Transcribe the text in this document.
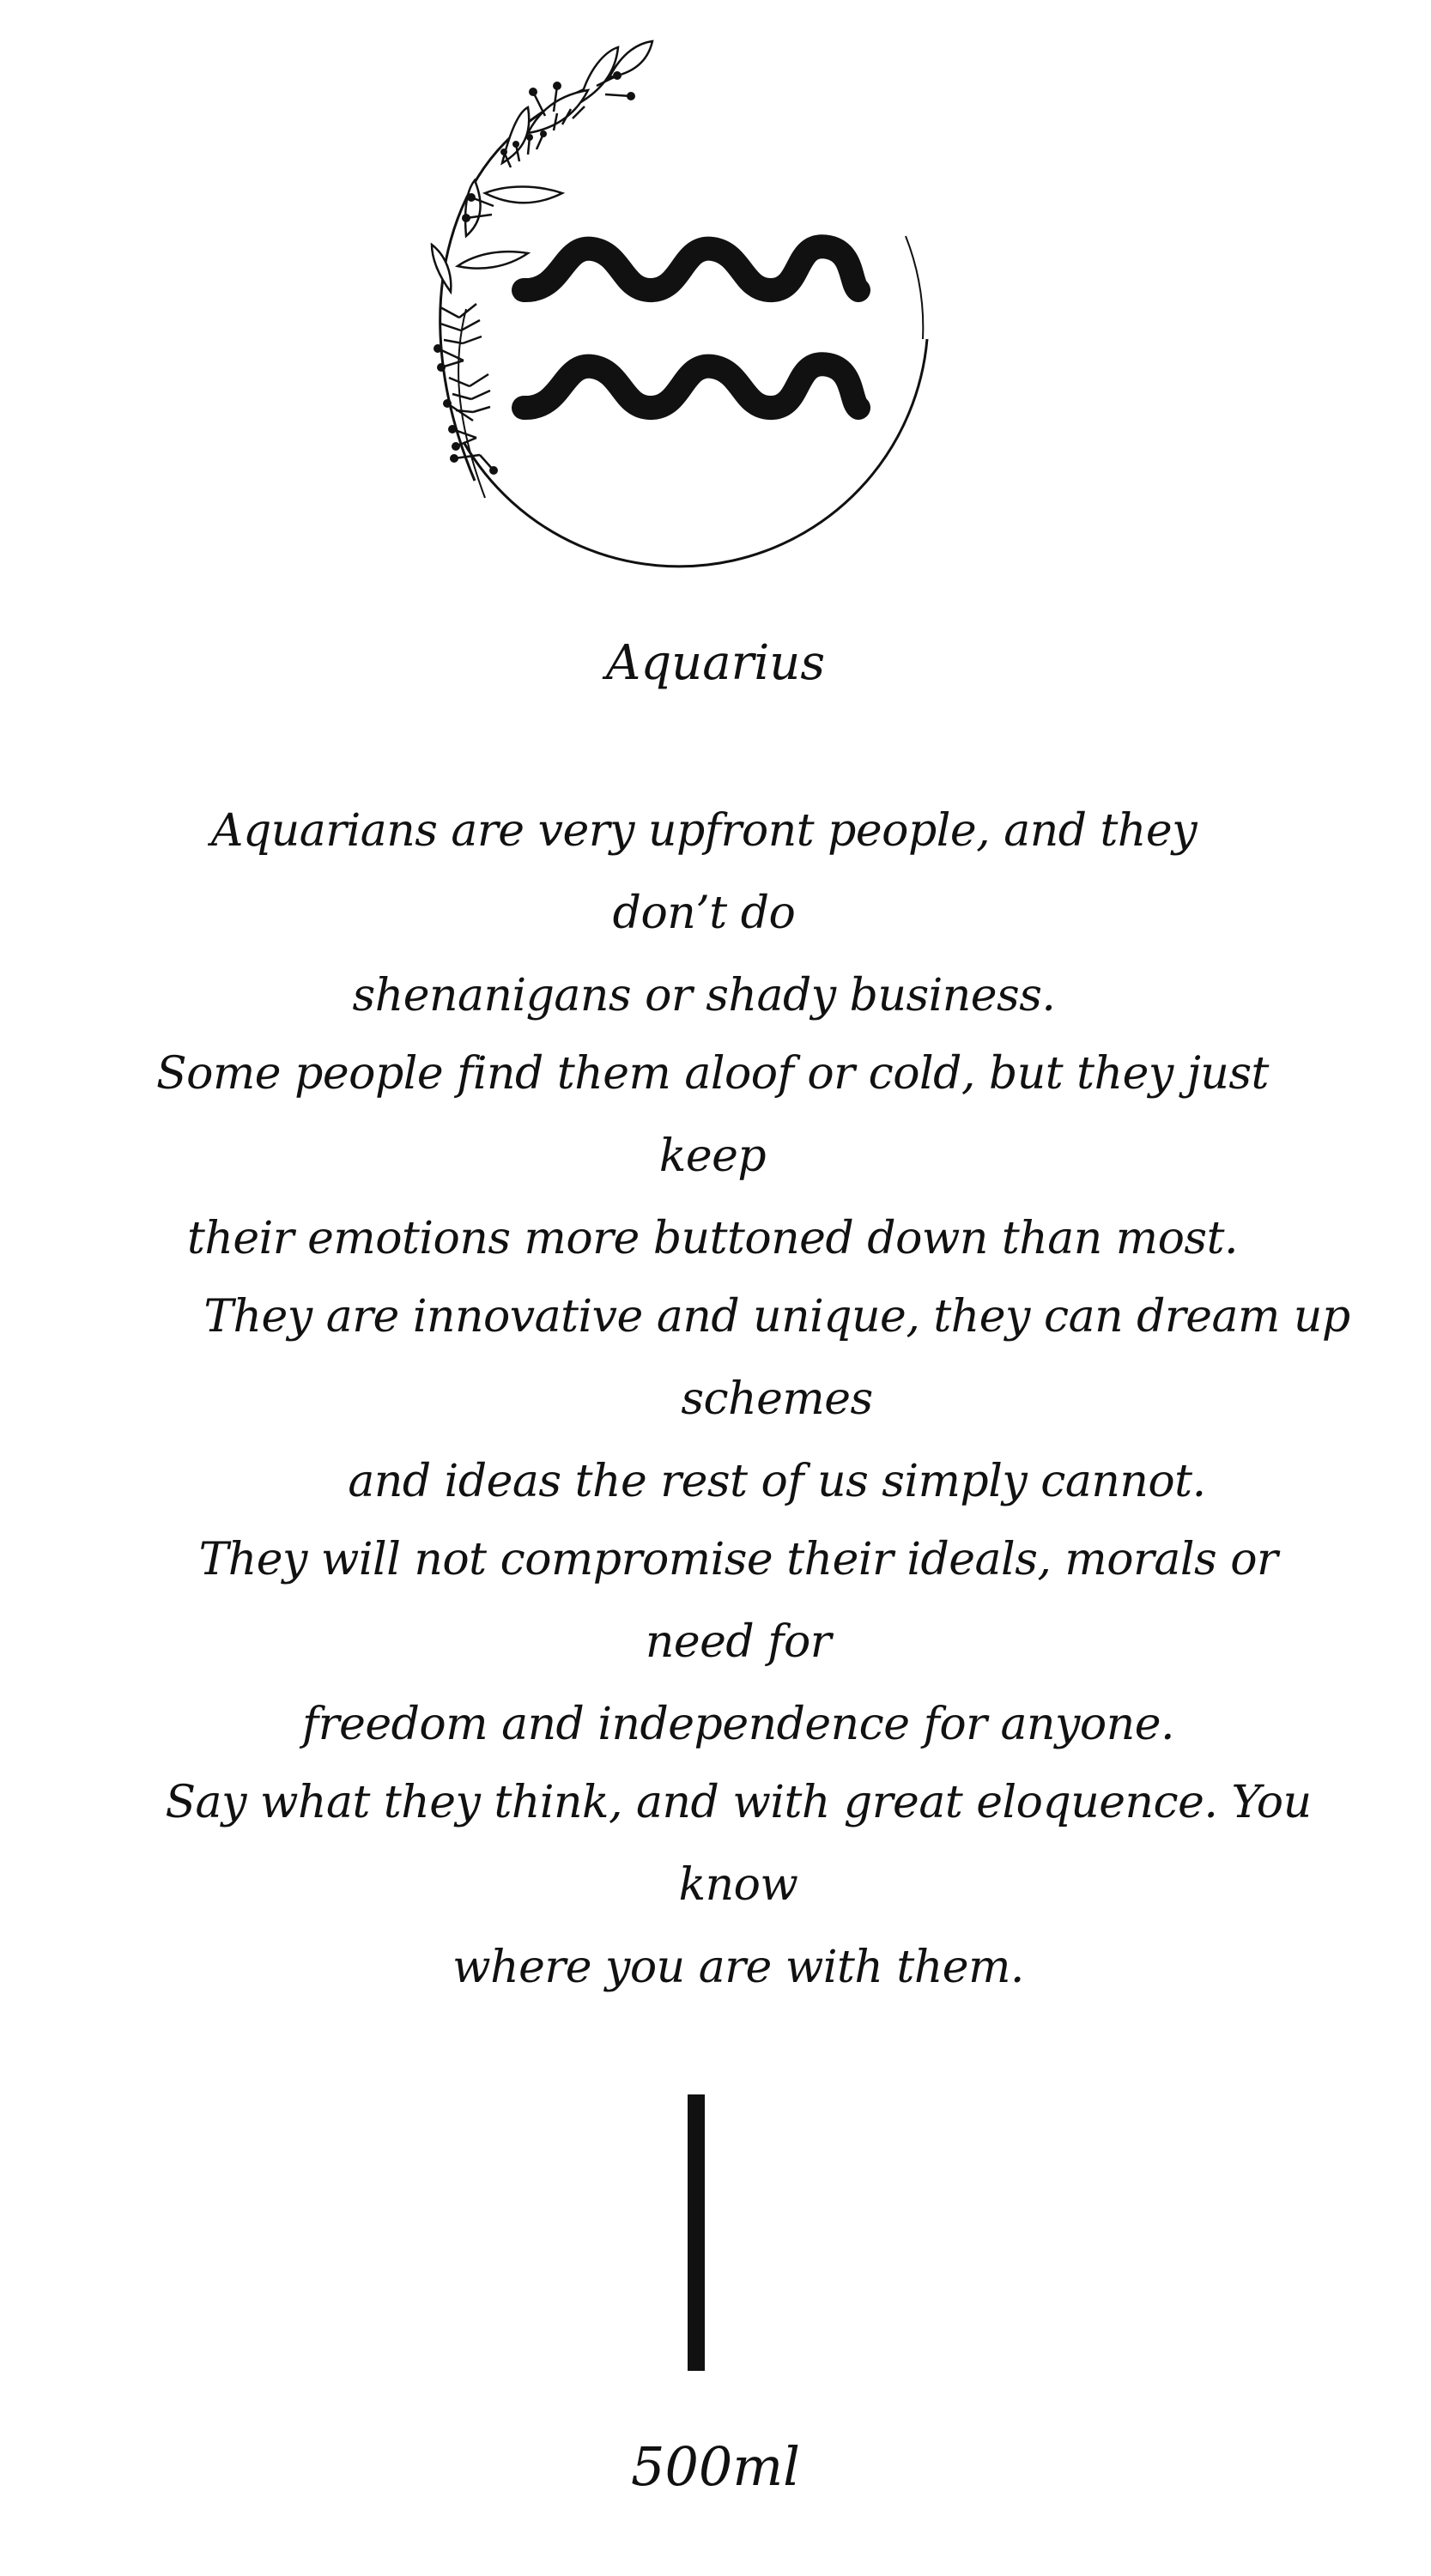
Aquarius

Aquarians are very upfront people, and they don’t do
shenanigans or shady business.

Some people find them aloof or cold, but they just keep
their emotions more buttoned down than most.

They are innovative and unique, they can dream up schemes
and ideas the rest of us simply cannot.

They will not compromise their ideals, morals or need for
freedom and independence for anyone.

Say what they think, and with great eloquence. You know
where you are with them.

500ml
